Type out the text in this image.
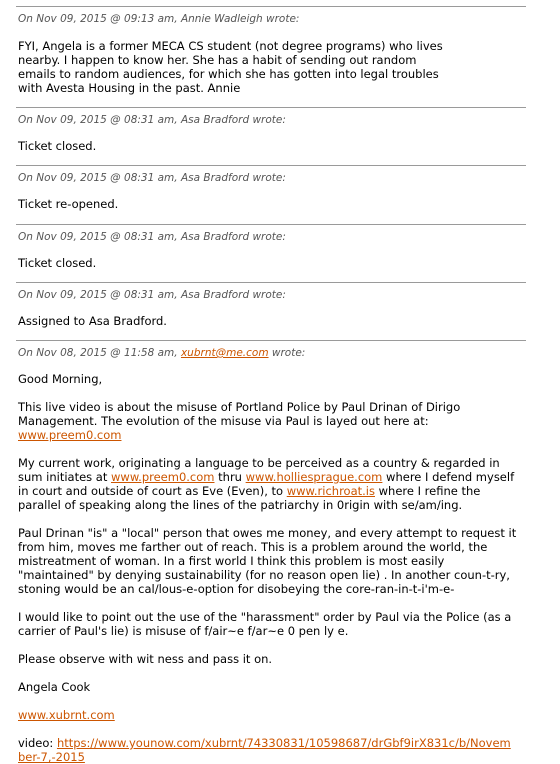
On Nov 09, 2015 @ 09:13 am, Annie Wadleigh wrote:

FYI, Angela is a former MECA CS student (not degree programs) who lives nearby. I happen to know her. She has a habit of sending out random emails to random audiences, for which she has gotten into legal troubles with Avesta Housing in the past. Annie

On Nov 09, 2015 @ 08:31 am, Asa Bradford wrote:

Ticket closed.

On Nov 09, 2015 @ 08:31 am, Asa Bradford wrote:

Ticket re-opened.

On Nov 09, 2015 @ 08:31 am, Asa Bradford wrote:

Ticket closed.

On Nov 09, 2015 @ 08:31 am, Asa Bradford wrote:

Assigned to Asa Bradford.

On Nov 08, 2015 @ 11:58 am, xubrnt@me.com wrote:

Good Morning,

This live video is about the misuse of Portland Police by Paul Drinan of Dirigo Management. The evolution of the misuse via Paul is layed out here at: www.preem0.com

My current work, originating a language to be perceived as a country & regarded in sum initiates at www.preem0.com thru www.holliesprague.com where I defend myself in court and outside of court as Eve (Even), to www.richroat.is where I refine the parallel of speaking along the lines of the patriarchy in 0rigin with se/am/ing.

Paul Drinan "is" a "local" person that owes me money, and every attempt to request it from him, moves me farther out of reach. This is a problem around the world, the mistreatment of woman. In a first world I think this problem is most easily "maintained" by denying sustainability (for no reason open lie) . In another coun-t-ry, stoning would be an cal/lous-e-option for disobeying the core-ran-in-t-i'm-e-

I would like to point out the use of the "harassment" order by Paul via the Police (as a carrier of Paul's lie) is misuse of f/air~e f/ar~e 0 pen ly e.

Please observe with wit ness and pass it on.

Angela Cook

www.xubrnt.com

video: https://www.younow.com/xubrnt/74330831/10598687/drGbf9irX831c/b/November-7,-2015
